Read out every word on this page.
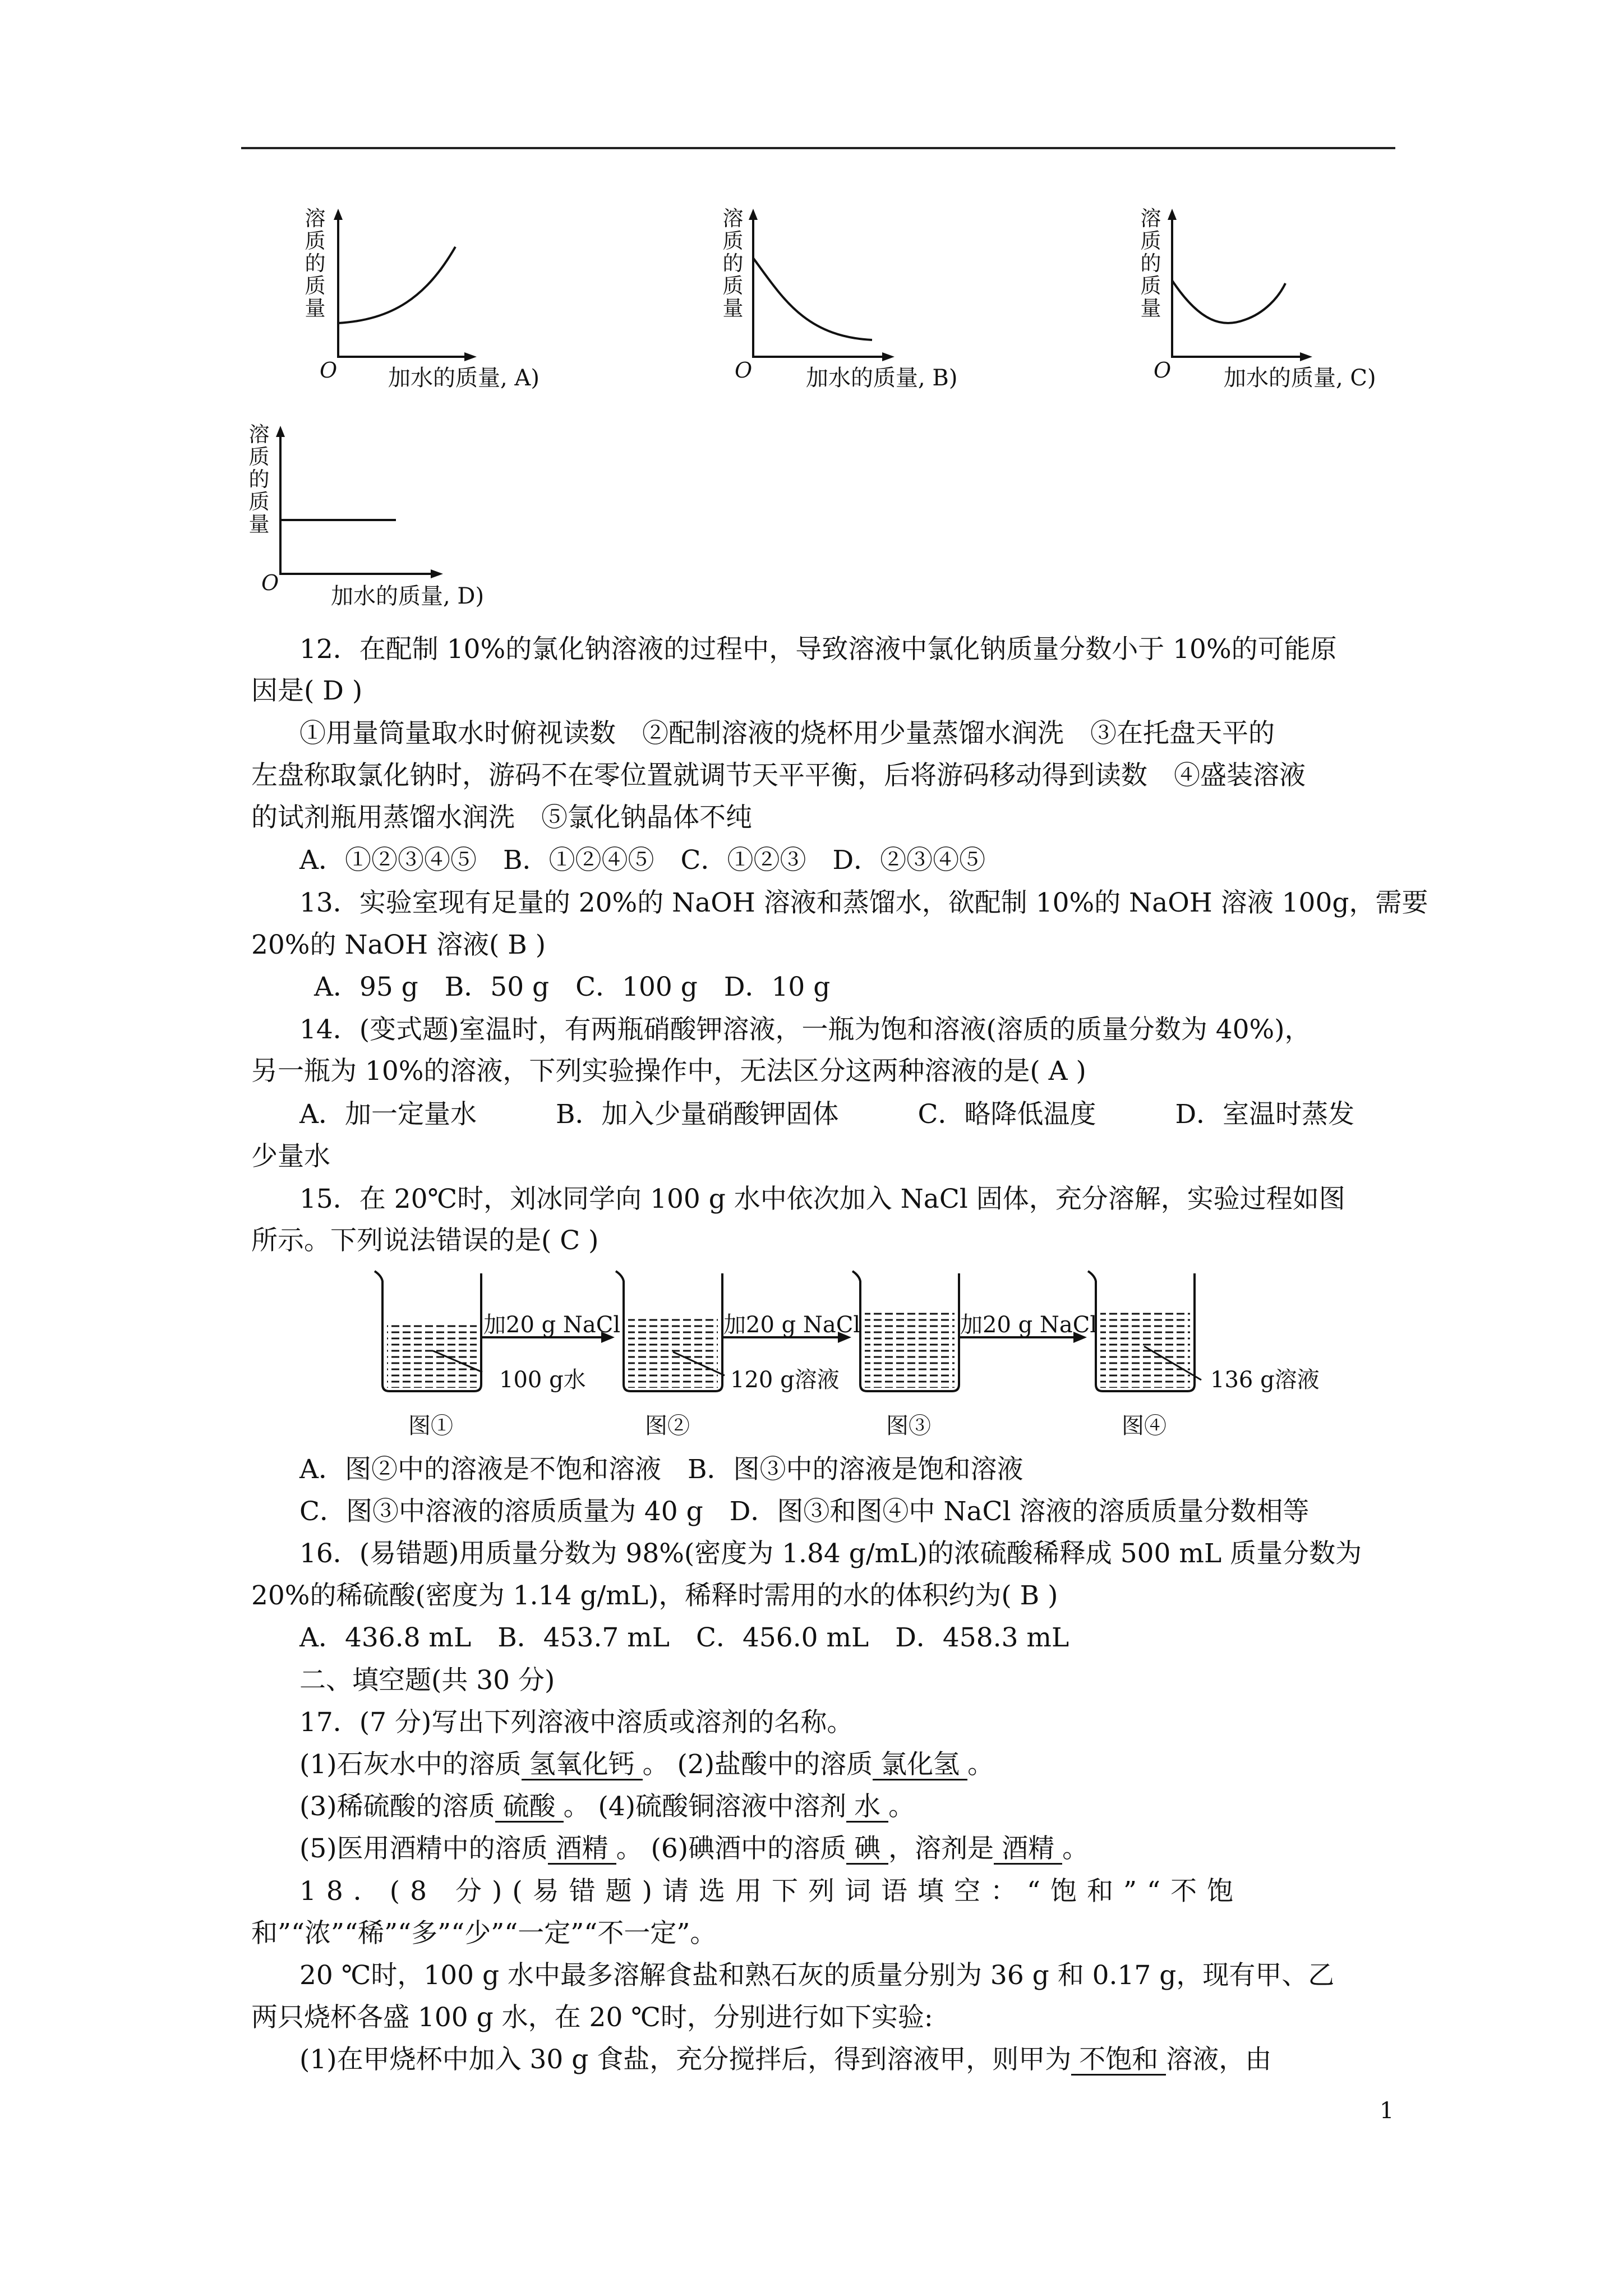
溶
质
的
质
量
O 加水的质量, A)
溶
质
的
质
量
O 加水的质量, B)
溶
质
的
质
量
O 加水的质量, C)
溶
质
的
质
量
O
加水的质量, D)
12．在配制 10%的氯化钠溶液的过程中，导致溶液中氯化钠质量分数小于 10%的可能原
因是( D )
①用量筒量取水时俯视读数　②配制溶液的烧杯用少量蒸馏水润洗　③在托盘天平的
左盘称取氯化钠时，游码不在零位置就调节天平平衡，后将游码移动得到读数　④盛装溶液
的试剂瓶用蒸馏水润洗　⑤氯化钠晶体不纯
A．①②③④⑤　B．①②④⑤　C．①②③　D．②③④⑤
13．实验室现有足量的 20%的 NaOH 溶液和蒸馏水，欲配制 10%的 NaOH 溶液 100g，需要
20%的 NaOH 溶液( B )
A．95 g　B．50 g　C．100 g　D．10 g
14．(变式题)室温时，有两瓶硝酸钾溶液，一瓶为饱和溶液(溶质的质量分数为 40%)，
另一瓶为 10%的溶液，下列实验操作中，无法区分这两种溶液的是( A )
A．加一定量水　　　B．加入少量硝酸钾固体　　　C．略降低温度　　　D．室温时蒸发
少量水
15．在 20℃时，刘冰同学向 100 g 水中依次加入 NaCl 固体，充分溶解，实验过程如图
所示。下列说法错误的是( C )
加20 g NaCl	加20 g NaCl	加20 g NaCl
100 g水	120 g溶液	136 g溶液
图①	图②	图③	图④
A．图②中的溶液是不饱和溶液　B．图③中的溶液是饱和溶液
C．图③中溶液的溶质质量为 40 g　D．图③和图④中 NaCl 溶液的溶质质量分数相等
16．(易错题)用质量分数为 98%(密度为 1.84 g/mL)的浓硫酸稀释成 500 mL 质量分数为
20%的稀硫酸(密度为 1.14 g/mL)，稀释时需用的水的体积约为( B )
A．436.8 mL　B．453.7 mL　C．456.0 mL　D．458.3 mL
二、填空题(共 30 分)
17．(7 分)写出下列溶液中溶质或溶剂的名称。
(1)石灰水中的溶质 氢氧化钙 。 (2)盐酸中的溶质 氯化氢 。
(3)稀硫酸的溶质 硫酸 。 (4)硫酸铜溶液中溶剂 水 。
(5)医用酒精中的溶质 酒精 。 (6)碘酒中的溶质 碘 ，溶剂是 酒精 。
18．(8 分)(易错题)请选用下列词语填空：“饱和”“不饱
和”“浓”“稀”“多”“少”“一定”“不一定”。
20 ℃时，100 g 水中最多溶解食盐和熟石灰的质量分别为 36 g 和 0.17 g，现有甲、乙
两只烧杯各盛 100 g 水，在 20 ℃时，分别进行如下实验:
(1)在甲烧杯中加入 30 g 食盐，充分搅拌后，得到溶液甲，则甲为 不饱和 溶液，由
1
